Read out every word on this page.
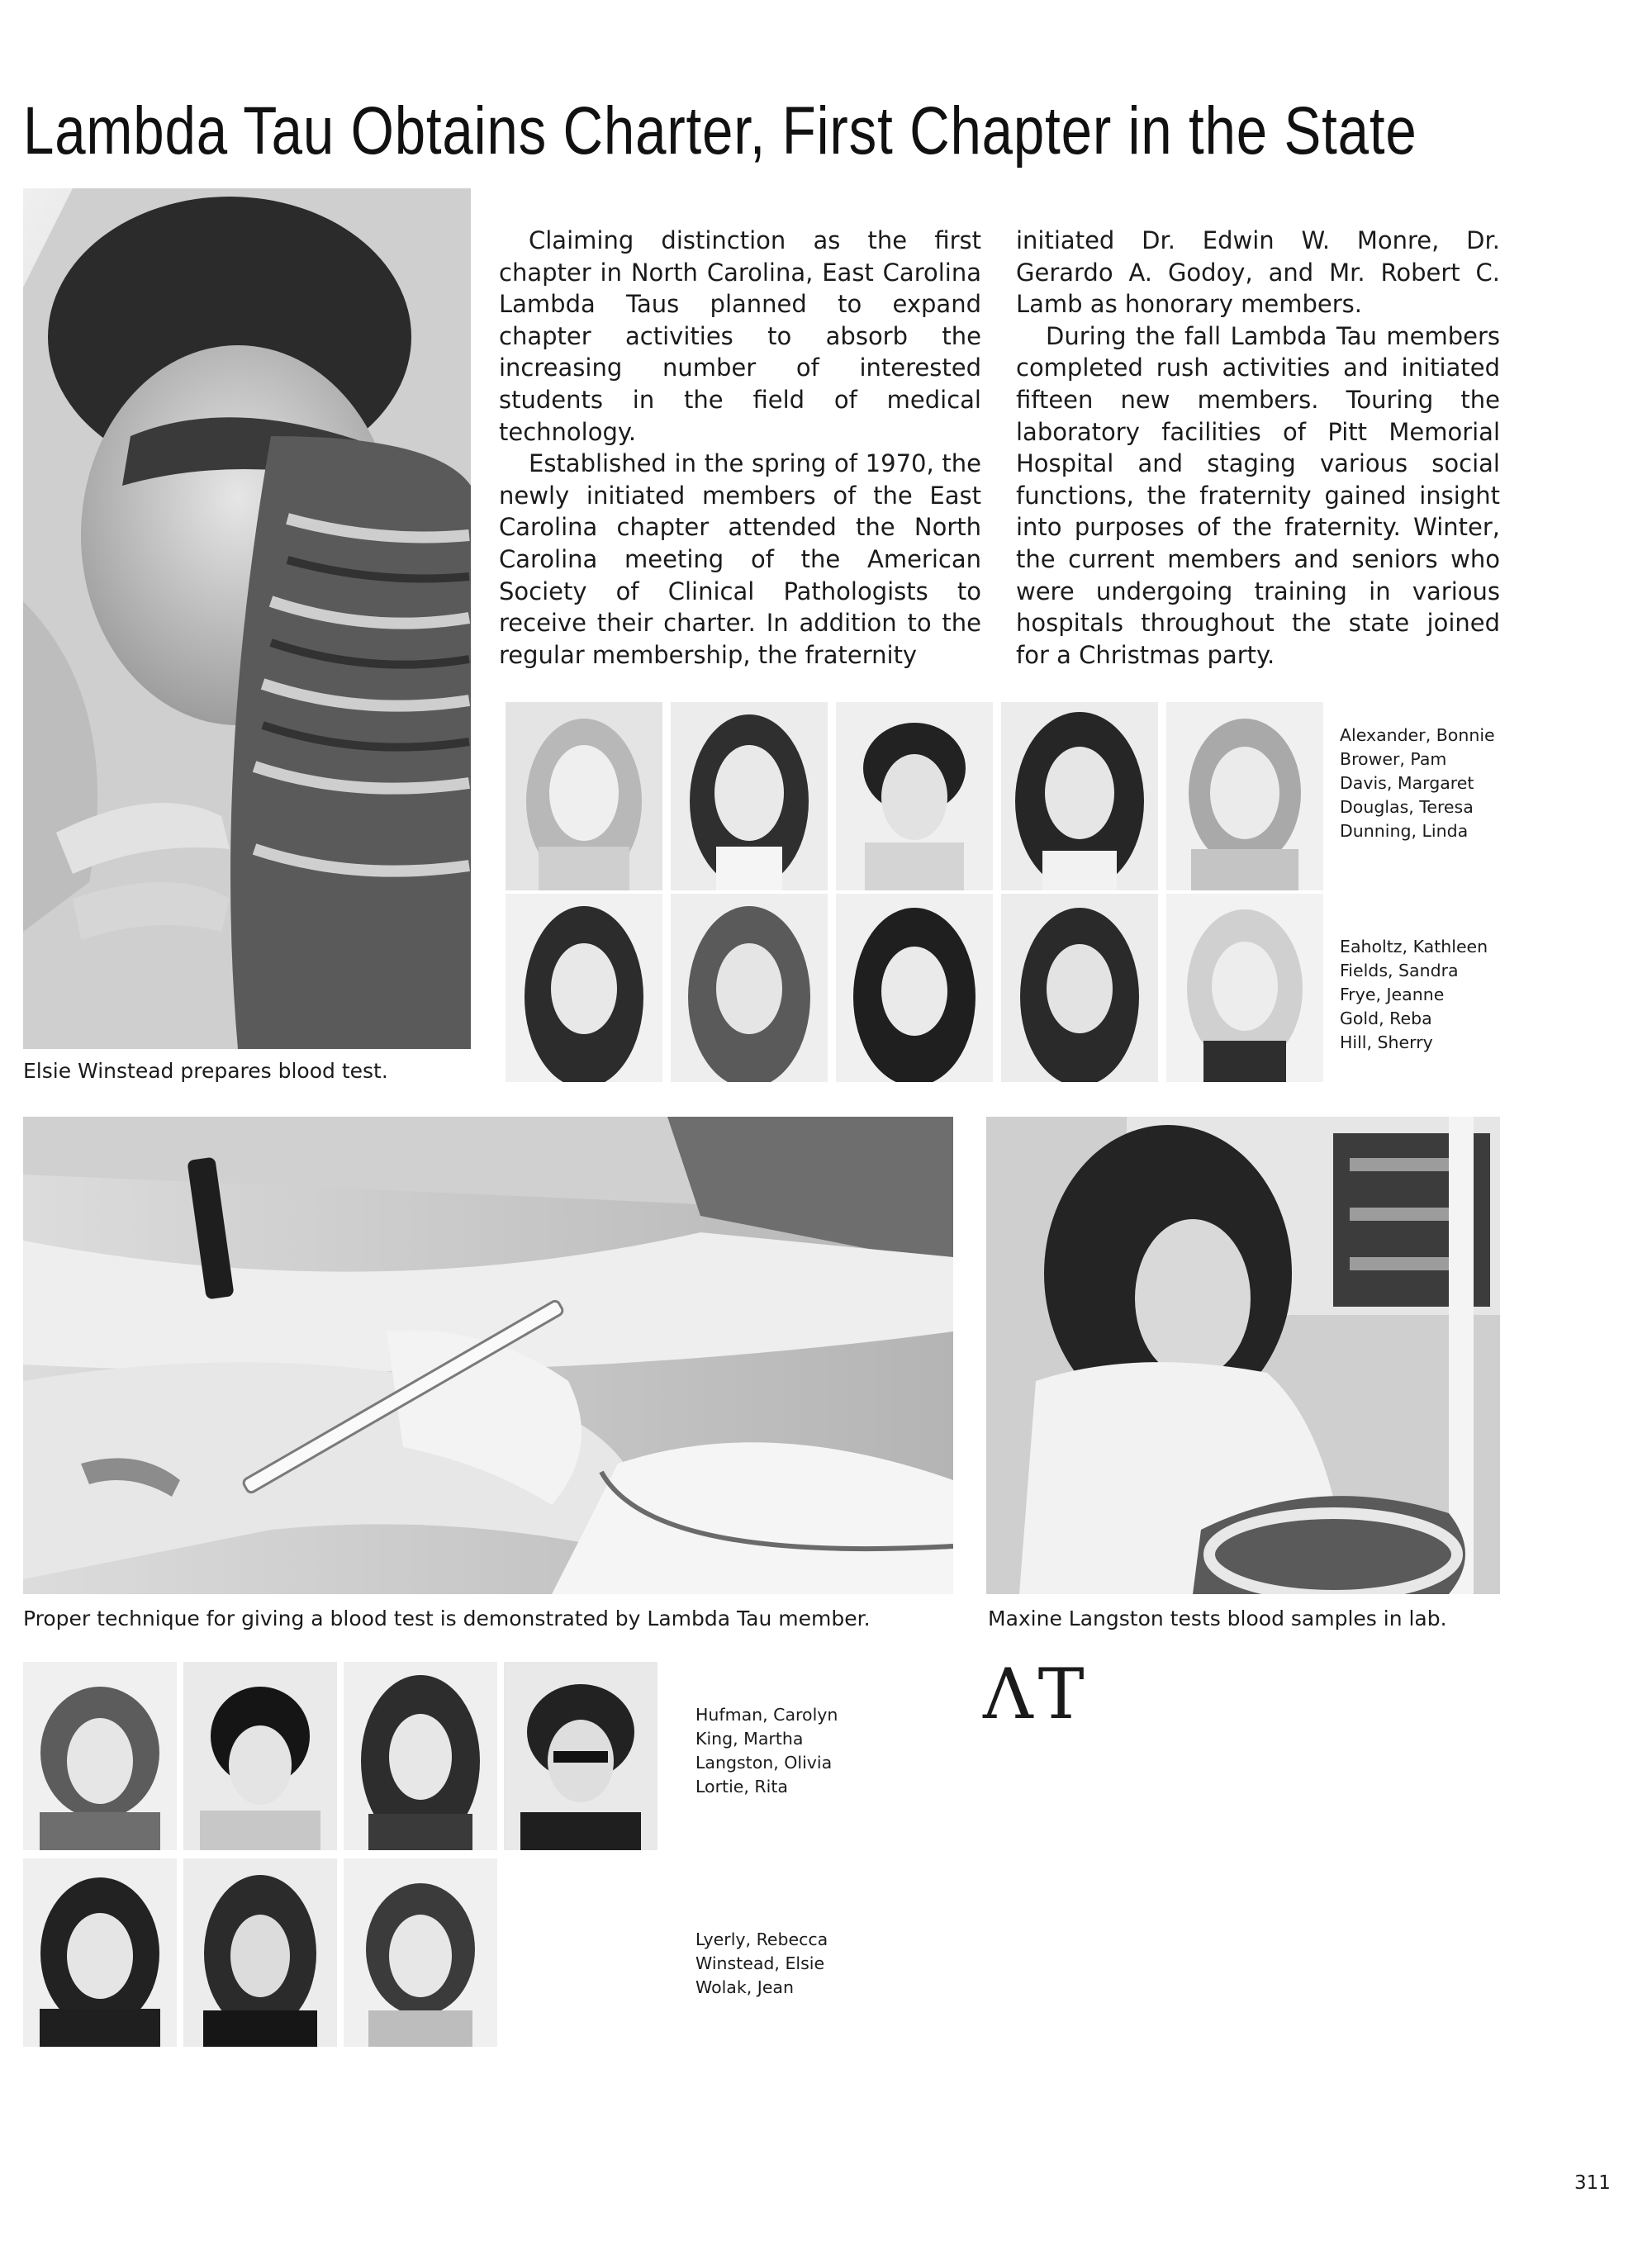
Lambda Tau Obtains Charter, First Chapter in the State
Elsie Winstead prepares blood test.

Claiming distinction as the first chapter in North Carolina, East Carolina Lambda Taus planned to expand chapter activities to absorb the increasing number of interested students in the field of medical technology.

Established in the spring of 1970, the newly initiated members of the East Carolina chapter attended the North Carolina meeting of the American Society of Clinical Pathologists to receive their charter. In addition to the regular membership, the fraternity

initiated Dr. Edwin W. Monre, Dr. Gerardo A. Godoy, and Mr. Robert C. Lamb as honorary members.

During the fall Lambda Tau members completed rush activities and initiated fifteen new members. Touring the laboratory facilities of Pitt Memorial Hospital and staging various social functions, the fraternity gained insight into purposes of the fraternity. Winter, the current members and seniors who were undergoing training in various hospitals throughout the state joined for a Christmas party.

Alexander, Bonnie
Brower, Pam
Davis, Margaret
Douglas, Teresa
Dunning, Linda
Eaholtz, Kathleen
Fields, Sandra
Frye, Jeanne
Gold, Reba
Hill, Sherry
Proper technique for giving a blood test is demonstrated by Lambda Tau member.	Maxine Langston tests blood samples in lab.
ΛΤ
Hufman, Carolyn
King, Martha
Langston, Olivia
Lortie, Rita
Lyerly, Rebecca
Winstead, Elsie
Wolak, Jean
311
